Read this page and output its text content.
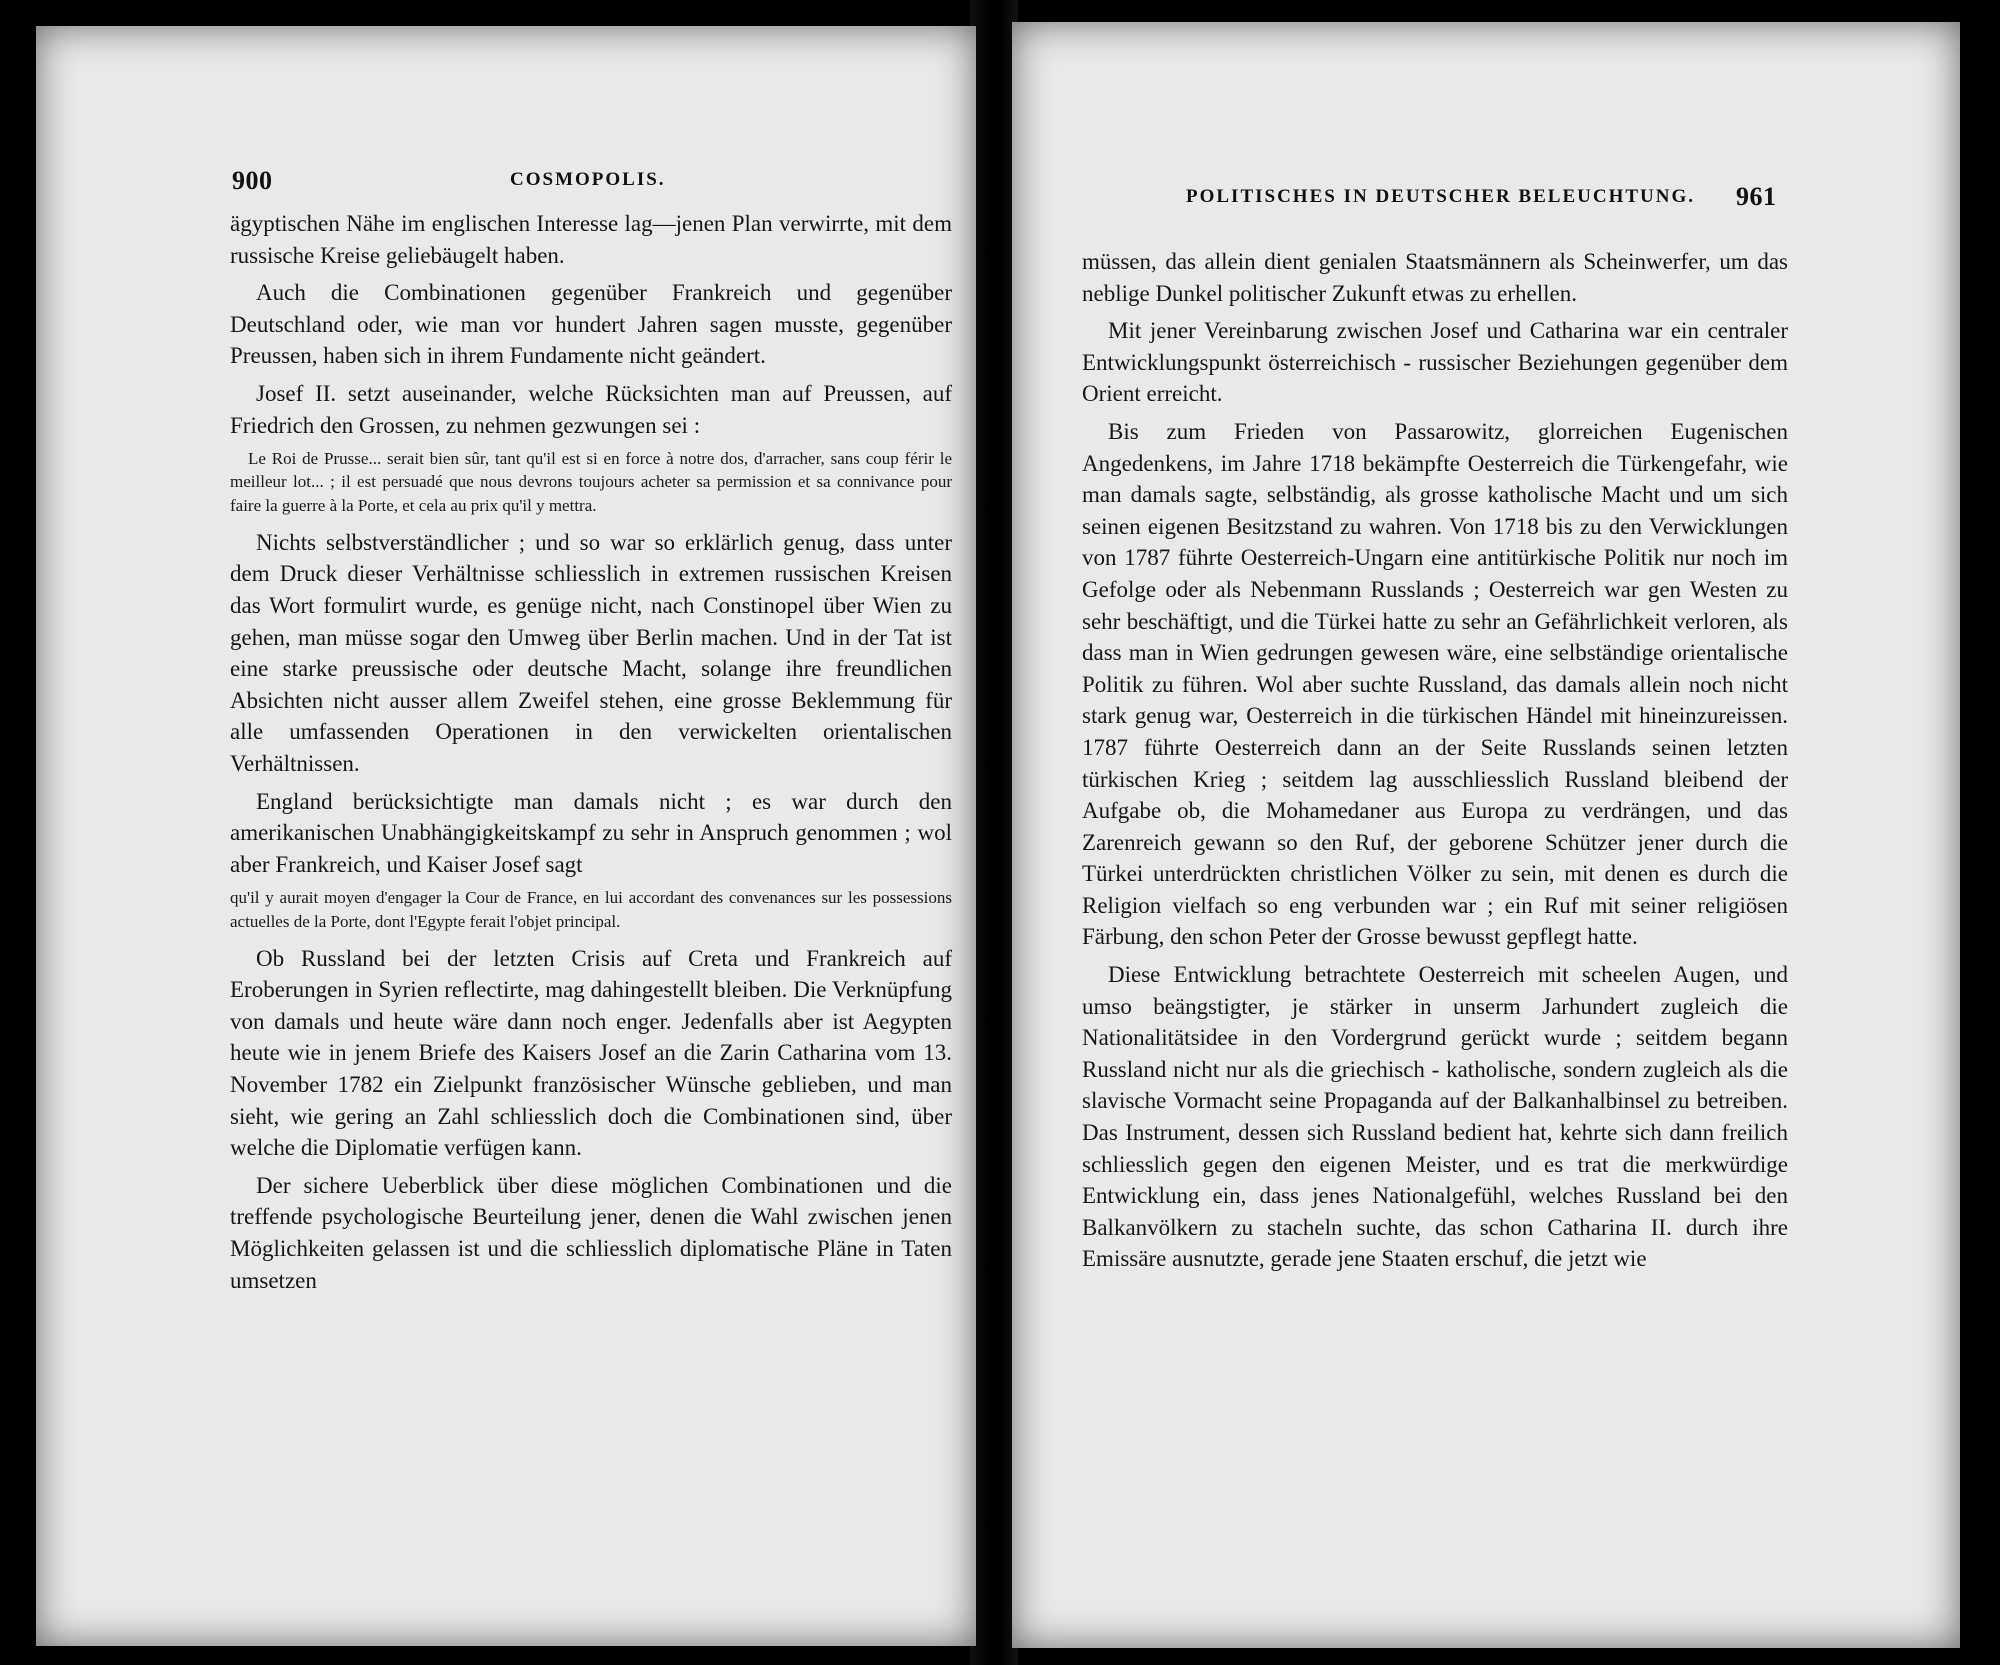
900	COSMOPOLIS.

ägyptischen Nähe im englischen Interesse lag—jenen Plan verwirrte, mit dem russische Kreise geliebäugelt haben.

Auch die Combinationen gegenüber Frankreich und gegenüber Deutschland oder, wie man vor hundert Jahren sagen musste, gegenüber Preussen, haben sich in ihrem Fundamente nicht geändert.

Josef II. setzt auseinander, welche Rücksichten man auf Preussen, auf Friedrich den Grossen, zu nehmen gezwungen sei :

Le Roi de Prusse... serait bien sûr, tant qu'il est si en force à notre dos, d'arracher, sans coup férir le meilleur lot... ; il est persuadé que nous devrons toujours acheter sa permission et sa connivance pour faire la guerre à la Porte, et cela au prix qu'il y mettra.

Nichts selbstverständlicher ; und so war so erklärlich genug, dass unter dem Druck dieser Verhältnisse schliesslich in extremen russischen Kreisen das Wort formulirt wurde, es genüge nicht, nach Constinopel über Wien zu gehen, man müsse sogar den Umweg über Berlin machen. Und in der Tat ist eine starke preussische oder deutsche Macht, solange ihre freundlichen Absichten nicht ausser allem Zweifel stehen, eine grosse Beklemmung für alle umfassenden Operationen in den verwickelten orientalischen Verhältnissen.

England berücksichtigte man damals nicht ; es war durch den amerikanischen Unabhängigkeitskampf zu sehr in Anspruch genommen ; wol aber Frankreich, und Kaiser Josef sagt

qu'il y aurait moyen d'engager la Cour de France, en lui accordant des convenances sur les possessions actuelles de la Porte, dont l'Egypte ferait l'objet principal.

Ob Russland bei der letzten Crisis auf Creta und Frankreich auf Eroberungen in Syrien reflectirte, mag dahingestellt bleiben. Die Verknüpfung von damals und heute wäre dann noch enger. Jedenfalls aber ist Aegypten heute wie in jenem Briefe des Kaisers Josef an die Zarin Catharina vom 13. November 1782 ein Zielpunkt französischer Wünsche geblieben, und man sieht, wie gering an Zahl schliesslich doch die Combinationen sind, über welche die Diplomatie verfügen kann.

Der sichere Ueberblick über diese möglichen Combinationen und die treffende psychologische Beurteilung jener, denen die Wahl zwischen jenen Möglichkeiten gelassen ist und die schliesslich diplomatische Pläne in Taten umsetzen

POLITISCHES IN DEUTSCHER BELEUCHTUNG. 961

müssen, das allein dient genialen Staatsmännern als Scheinwerfer, um das neblige Dunkel politischer Zukunft etwas zu erhellen.

Mit jener Vereinbarung zwischen Josef und Catharina war ein centraler Entwicklungspunkt österreichisch - russischer Beziehungen gegenüber dem Orient erreicht.

Bis zum Frieden von Passarowitz, glorreichen Eugenischen Angedenkens, im Jahre 1718 bekämpfte Oesterreich die Türkengefahr, wie man damals sagte, selbständig, als grosse katholische Macht und um sich seinen eigenen Besitzstand zu wahren. Von 1718 bis zu den Verwicklungen von 1787 führte Oesterreich-Ungarn eine antitürkische Politik nur noch im Gefolge oder als Nebenmann Russlands ; Oesterreich war gen Westen zu sehr beschäftigt, und die Türkei hatte zu sehr an Gefährlichkeit verloren, als dass man in Wien gedrungen gewesen wäre, eine selbständige orientalische Politik zu führen. Wol aber suchte Russland, das damals allein noch nicht stark genug war, Oesterreich in die türkischen Händel mit hineinzureissen. 1787 führte Oesterreich dann an der Seite Russlands seinen letzten türkischen Krieg ; seitdem lag ausschliesslich Russland bleibend der Aufgabe ob, die Mohamedaner aus Europa zu verdrängen, und das Zarenreich gewann so den Ruf, der geborene Schützer jener durch die Türkei unterdrückten christlichen Völker zu sein, mit denen es durch die Religion vielfach so eng verbunden war ; ein Ruf mit seiner religiösen Färbung, den schon Peter der Grosse bewusst gepflegt hatte.

Diese Entwicklung betrachtete Oesterreich mit scheelen Augen, und umso beängstigter, je stärker in unserm Jarhundert zugleich die Nationalitätsidee in den Vordergrund gerückt wurde ; seitdem begann Russland nicht nur als die griechisch - katholische, sondern zugleich als die slavische Vormacht seine Propaganda auf der Balkanhalbinsel zu betreiben. Das Instrument, dessen sich Russland bedient hat, kehrte sich dann freilich schliesslich gegen den eigenen Meister, und es trat die merkwürdige Entwicklung ein, dass jenes Nationalgefühl, welches Russland bei den Balkanvölkern zu stacheln suchte, das schon Catharina II. durch ihre Emissäre ausnutzte, gerade jene Staaten erschuf, die jetzt wie
